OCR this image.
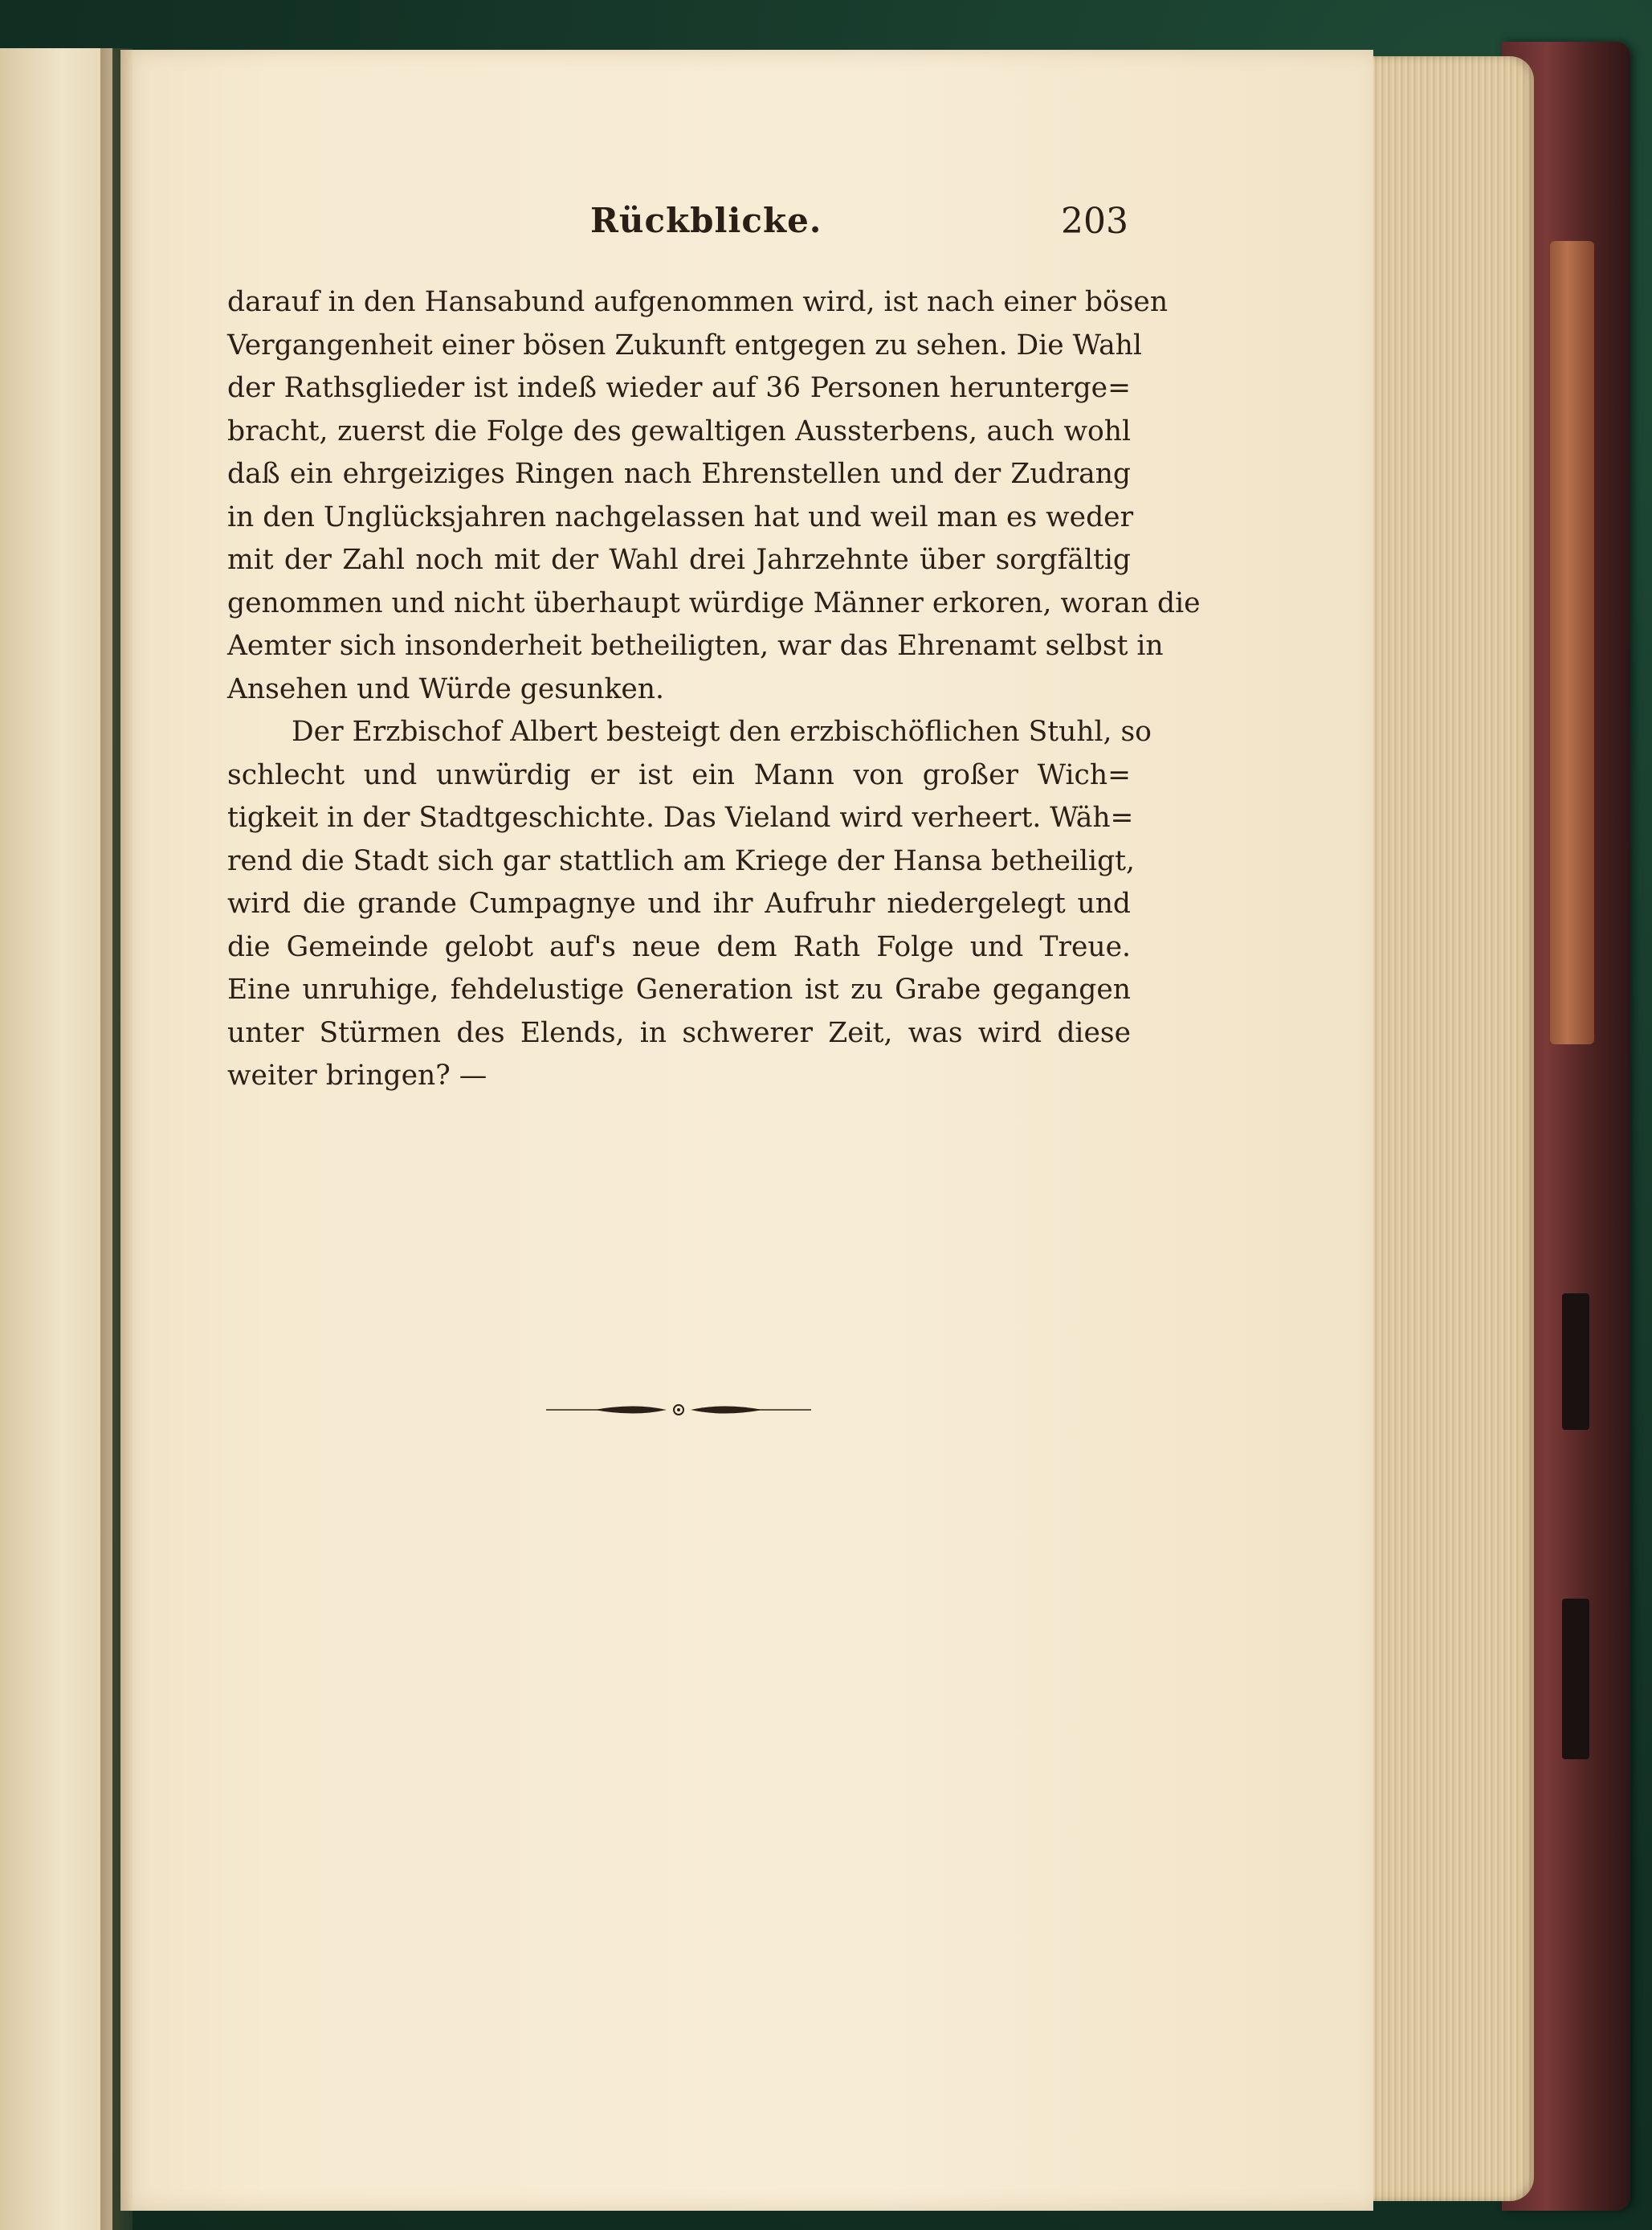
Rückblicke.	203
darauf in den Hansabund aufgenommen wird, ist nach einer bösen
Vergangenheit einer bösen Zukunft entgegen zu sehen. Die Wahl
der Rathsglieder ist indeß wieder auf 36 Personen herunterge=
bracht, zuerst die Folge des gewaltigen Aussterbens, auch wohl
daß ein ehrgeiziges Ringen nach Ehrenstellen und der Zudrang
in den Unglücksjahren nachgelassen hat und weil man es weder
mit der Zahl noch mit der Wahl drei Jahrzehnte über sorgfältig
genommen und nicht überhaupt würdige Männer erkoren, woran die
Aemter sich insonderheit betheiligten, war das Ehrenamt selbst in
Ansehen und Würde gesunken.
Der Erzbischof Albert besteigt den erzbischöflichen Stuhl, so
schlecht und unwürdig er ist ein Mann von großer Wich=
tigkeit in der Stadtgeschichte. Das Vieland wird verheert. Wäh=
rend die Stadt sich gar stattlich am Kriege der Hansa betheiligt,
wird die grande Cumpagnye und ihr Aufruhr niedergelegt und
die Gemeinde gelobt auf's neue dem Rath Folge und Treue.
Eine unruhige, fehdelustige Generation ist zu Grabe gegangen
unter Stürmen des Elends, in schwerer Zeit, was wird diese
weiter bringen? —
